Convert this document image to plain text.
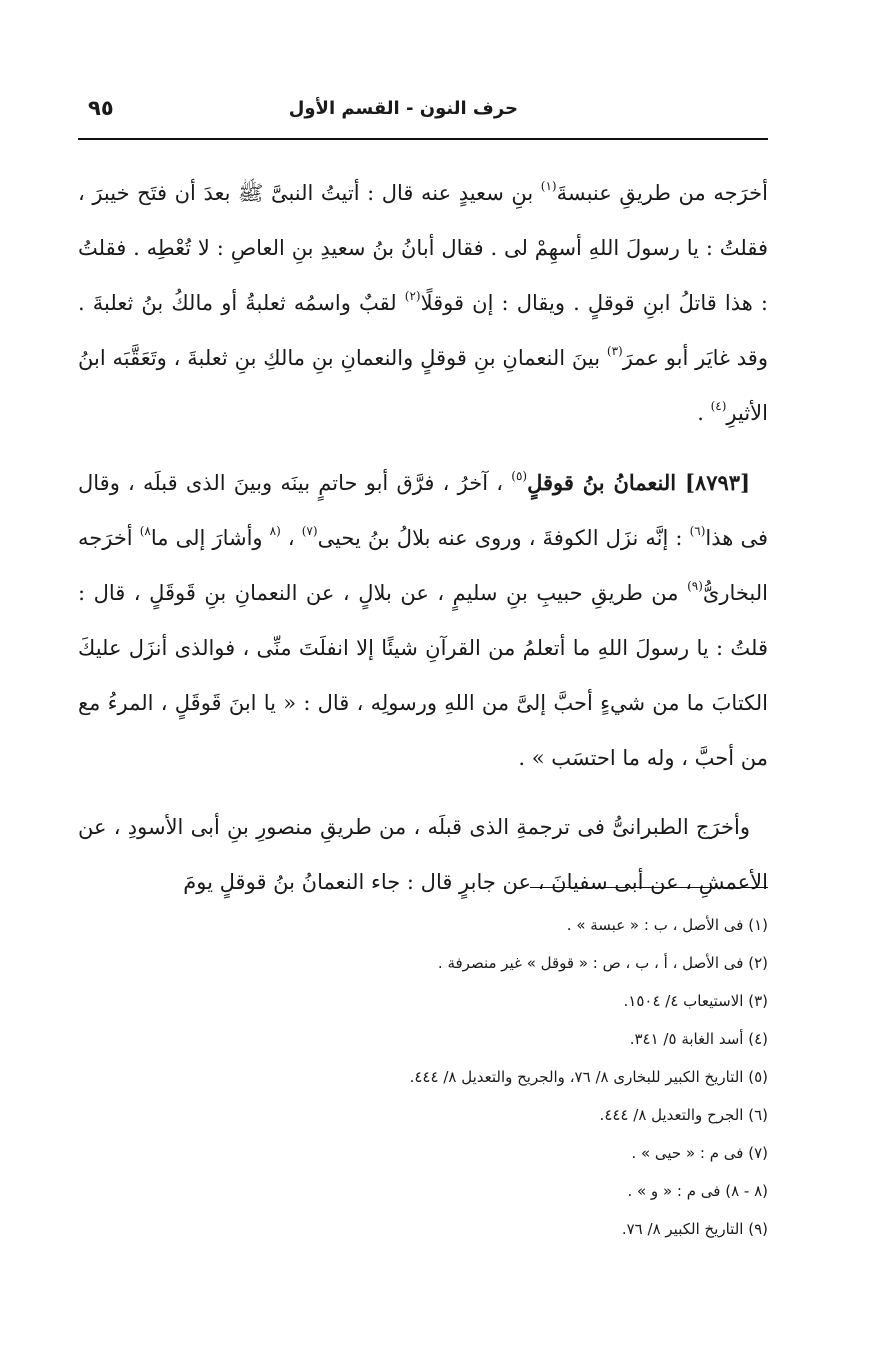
٩٥	حرف النون - القسم الأول

أخرَجه من طريقِ عنبسةَ$^{(١)}$ بنِ سعيدٍ عنه قال : أتيتُ النبىَّ ﷺ بعدَ أن فتَح خيبرَ ، فقلتُ : يا رسولَ اللهِ أسهِمْ لى . فقال أبانُ بنُ سعيدِ بنِ العاصِ : لا تُعْطِه . فقلتُ : هذا قاتلُ ابنِ قوقلٍ . ويقال : إن قوقلًا$^{(٢)}$ لقبٌ واسمُه ثعلبةُ أو مالكُ بنُ ثعلبةَ . وقد غايَر أبو عمرَ$^{(٣)}$ بينَ النعمانِ بنِ قوقلٍ والنعمانِ بنِ مالكِ بنِ ثعلبةَ ، وتَعَقَّبَه ابنُ الأثيرِ$^{(٤)}$ .

[٨٧٩٣] النعمانُ بنُ قوقلٍ$^{(٥)}$ ، آخرُ ، فرَّق أبو حاتمٍ بينَه وبينَ الذى قبلَه ، وقال فى هذا$^{(٦)}$ : إنَّه نزَل الكوفةَ ، وروى عنه بلالُ بنُ يحيى$^{(٧)}$ ، $^{(٨}$ وأشارَ إلى ما$^{٨)}$ أخرَجه البخارىُّ$^{(٩)}$ من طريقِ حبيبِ بنِ سليمٍ ، عن بلالٍ ، عن النعمانِ بنِ قَوقَلٍ ، قال : قلتُ : يا رسولَ اللهِ ما أتعلمُ من القرآنِ شيئًا إلا انفلَتَ منِّى ، فوالذى أنزَل عليكَ الكتابَ ما من شيءٍ أحبَّ إلىَّ من اللهِ ورسولِه ، قال : « يا ابنَ قَوقَلٍ ، المرءُ مع من أحبَّ ، وله ما احتسَب » .

وأخرَج الطبرانىُّ فى ترجمةِ الذى قبلَه ، من طريقِ منصورِ بنِ أبى الأسودِ ، عن الأعمشِ ، عن أبى سفيانَ ، عن جابرٍ قال : جاء النعمانُ بنُ قوقلٍ يومَ

(١) فى الأصل ، ب : « عبسة » .
(٢) فى الأصل ، أ ، ب ، ص : « قوقل » غير منصرفة .
(٣) الاستيعاب ٤/ ١٥٠٤.
(٤) أسد الغابة ٥/ ٣٤١.
(٥) التاريخ الكبير للبخارى ٨/ ٧٦، والجريح والتعديل ٨/ ٤٤٤.
(٦) الجرح والتعديل ٨/ ٤٤٤.
(٧) فى م : « حيى » .
(٨ - ٨) فى م : « و » .
(٩) التاريخ الكبير ٨/ ٧٦.
